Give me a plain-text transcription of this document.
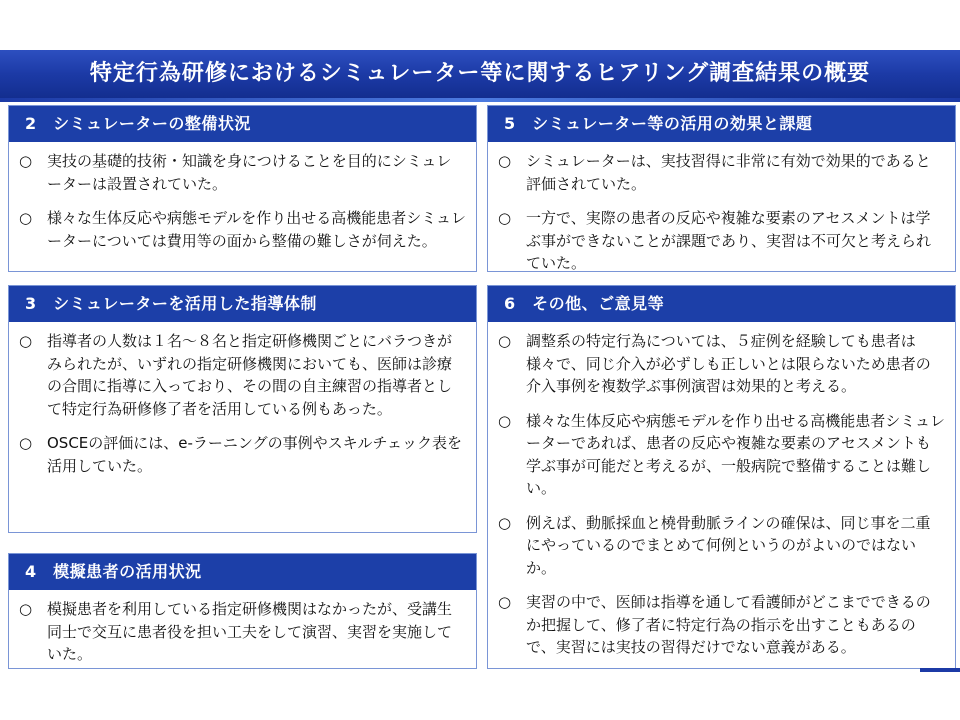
特定行為研修におけるシミュレーター等に関するヒアリング調査結果の概要
2　シミュレーターの整備状況
○ 実技の基礎的技術・知識を身につけることを目的にシミュレーターは設置されていた。
○ 様々な生体反応や病態モデルを作り出せる高機能患者シミュレーターについては費用等の面から整備の難しさが伺えた。
3　シミュレーターを活用した指導体制
○ 指導者の人数は１名～８名と指定研修機関ごとにバラつきがみられたが、いずれの指定研修機関においても、医師は診療の合間に指導に入っており、その間の自主練習の指導者として特定行為研修修了者を活用している例もあった。
○ OSCEの評価には、e-ラーニングの事例やスキルチェック表を活用していた。
4　模擬患者の活用状況
○ 模擬患者を利用している指定研修機関はなかったが、受講生同士で交互に患者役を担い工夫をして演習、実習を実施していた。
5　シミュレーター等の活用の効果と課題
○ シミュレーターは、実技習得に非常に有効で効果的であると評価されていた。
○ 一方で、実際の患者の反応や複雑な要素のアセスメントは学ぶ事ができないことが課題であり、実習は不可欠と考えられていた。
6　その他、ご意見等
○ 調整系の特定行為については、５症例を経験しても患者は様々で、同じ介入が必ずしも正しいとは限らないため患者の介入事例を複数学ぶ事例演習は効果的と考える。
○ 様々な生体反応や病態モデルを作り出せる高機能患者シミュレーターであれば、患者の反応や複雑な要素のアセスメントも学ぶ事が可能だと考えるが、一般病院で整備することは難しい。
○ 例えば、動脈採血と橈骨動脈ラインの確保は、同じ事を二重にやっているのでまとめて何例というのがよいのではないか。
○ 実習の中で、医師は指導を通して看護師がどこまでできるのか把握して、修了者に特定行為の指示を出すこともあるので、実習には実技の習得だけでない意義がある。
